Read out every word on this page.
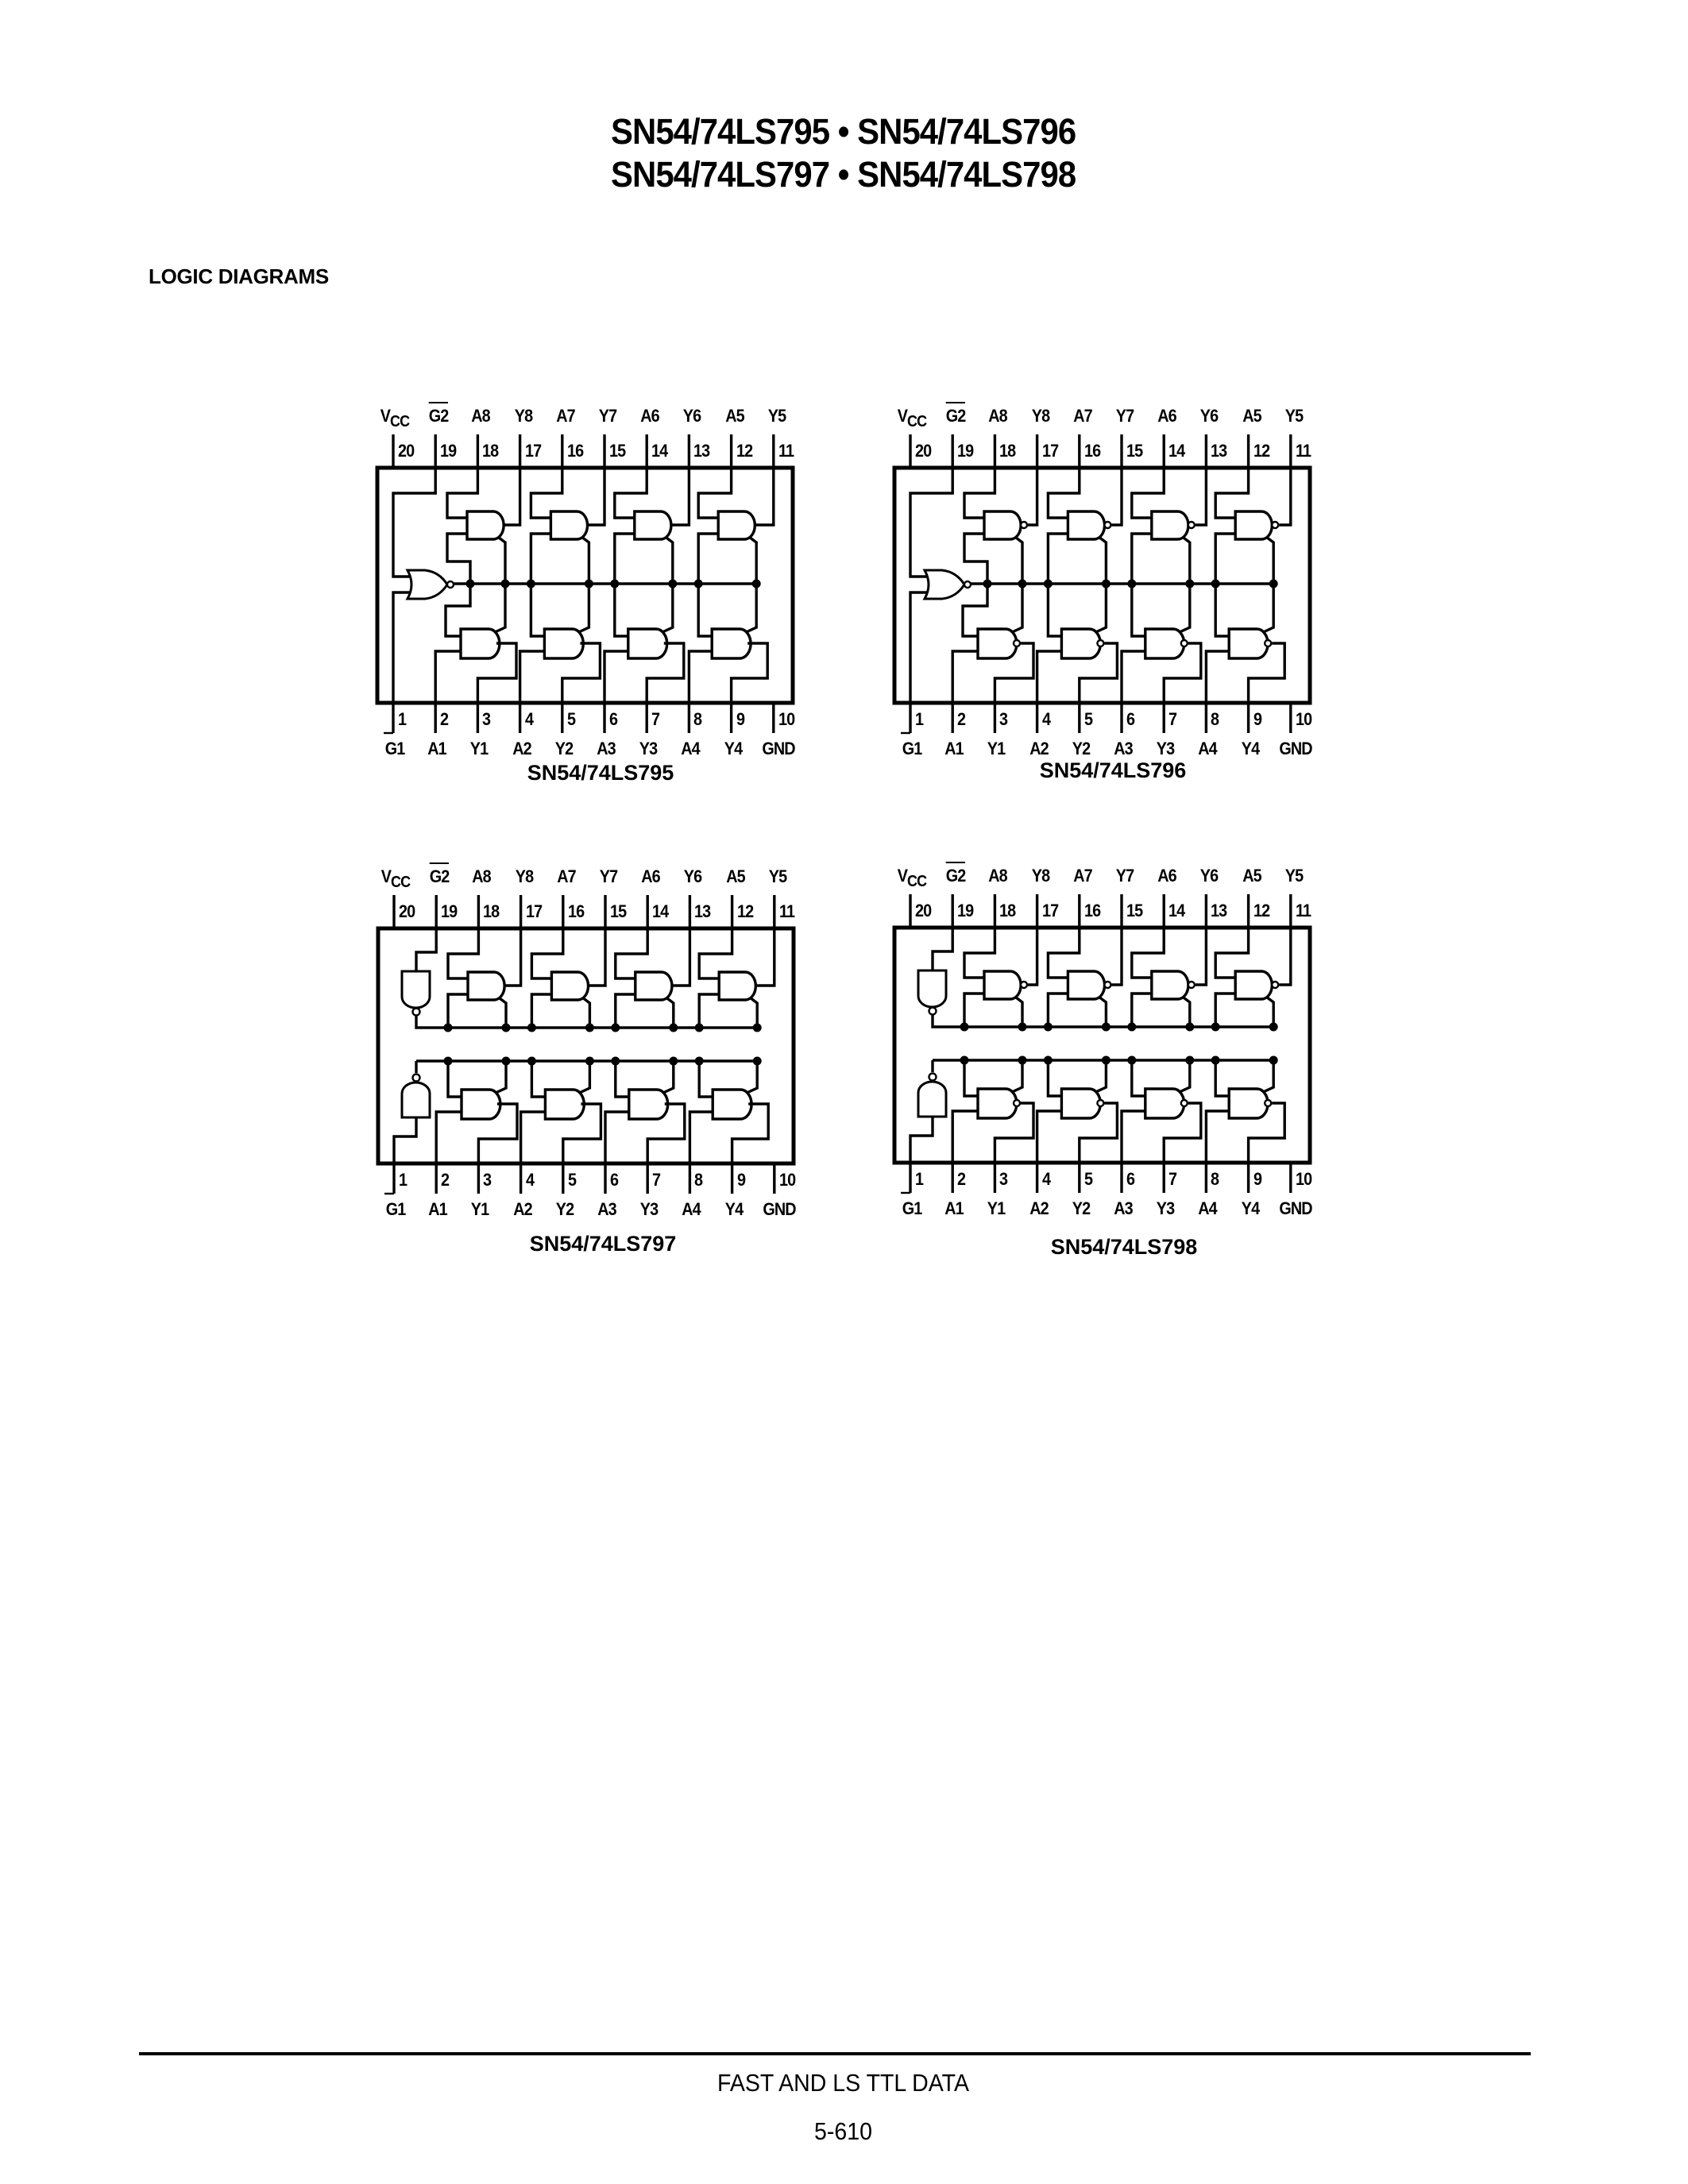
SN54/74LS795 • SN54/74LS796
SN54/74LS797 • SN54/74LS798
LOGIC DIAGRAMS
$V_{CC}$
20
G2
19
A8
18
Y8
17
A7
16
Y7
15
A6
14
Y6
13
A5
12
Y5
11
1
G1
2
A1
3
Y1
4
A2
5
Y2
6
A3
7
Y3
8
A4
9
Y4
10
GND
SN54/74LS795
$V_{CC}$
20
G2
19
A8
18
Y8
17
A7
16
Y7
15
A6
14
Y6
13
A5
12
Y5
11
1
G1
2
A1
3
Y1
4
A2
5
Y2
6
A3
7
Y3
8
A4
9
Y4
10
GND
SN54/74LS796
$V_{CC}$
20
G2
19
A8
18
Y8
17
A7
16
Y7
15
A6
14
Y6
13
A5
12
Y5
11
1
G1
2
A1
3
Y1
4
A2
5
Y2
6
A3
7
Y3
8
A4
9
Y4
10
GND
SN54/74LS797
$V_{CC}$
20
G2
19
A8
18
Y8
17
A7
16
Y7
15
A6
14
Y6
13
A5
12
Y5
11
1
G1
2
A1
3
Y1
4
A2
5
Y2
6
A3
7
Y3
8
A4
9
Y4
10
GND
SN54/74LS798
FAST AND LS TTL DATA
5-610
